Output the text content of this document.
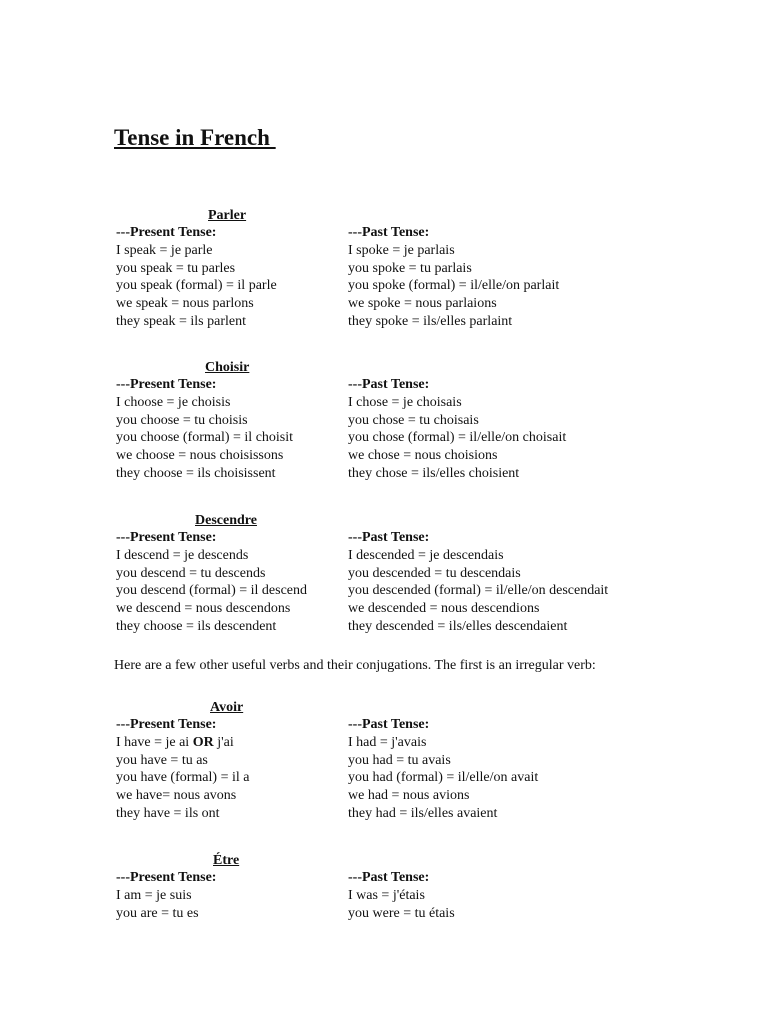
Tense in French
Parler
---Present Tense:
I speak = je parle
you speak = tu parles
you speak (formal) = il parle
we speak = nous parlons
they speak = ils parlent
---Past Tense:
I spoke = je parlais
you spoke = tu parlais
you spoke (formal) = il/elle/on parlait
we spoke = nous parlaions
they spoke = ils/elles parlaint
Choisir
---Present Tense:
I choose = je choisis
you choose = tu choisis
you choose (formal) = il choisit
we choose = nous choisissons
they choose = ils choisissent
---Past Tense:
I chose = je choisais
you chose = tu choisais
you chose (formal) = il/elle/on choisait
we chose = nous choisions
they chose = ils/elles choisient
Descendre
---Present Tense:
I descend = je descends
you descend = tu descends
you descend (formal) = il descend
we descend = nous descendons
they choose = ils descendent
---Past Tense:
I descended = je descendais
you descended = tu descendais
you descended (formal) = il/elle/on descendait
we descended = nous descendions
they descended = ils/elles descendaient
Here are a few other useful verbs and their conjugations. The first is an irregular verb:
Avoir
---Present Tense:
I have = je ai OR j'ai
you have = tu as
you have (formal) = il a
we have= nous avons
they have = ils ont
---Past Tense:
I had = j'avais
you had = tu avais
you had (formal) = il/elle/on avait
we had = nous avions
they had = ils/elles avaient
Étre
---Present Tense:
I am = je suis
you are = tu es
---Past Tense:
I was = j'étais
you were = tu étais
